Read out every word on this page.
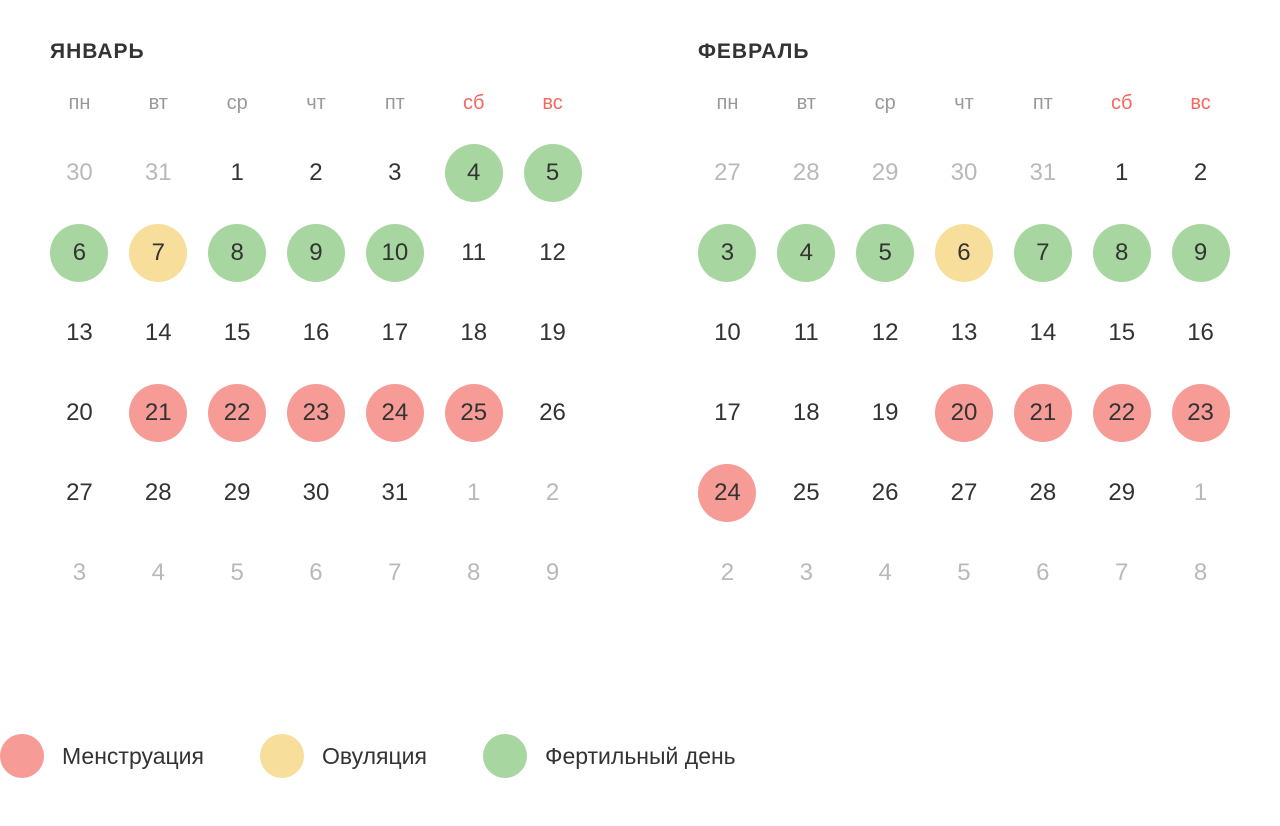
ЯНВАРЬ
пн	вт	ср	чт	пт	сб	вс
30	31	1	2	3	4	5
6	7	8	9	10	11	12
13	14	15	16	17	18	19
20	21	22	23	24	25	26
27	28	29	30	31	1	2
3	4	5	6	7	8	9
ФЕВРАЛЬ
пн	вт	ср	чт	пт	сб	вс
27	28	29	30	31	1	2
3	4	5	6	7	8	9
10	11	12	13	14	15	16
17	18	19	20	21	22	23
24	25	26	27	28	29	1
2	3	4	5	6	7	8
Менструация	Овуляция	Фертильный день
